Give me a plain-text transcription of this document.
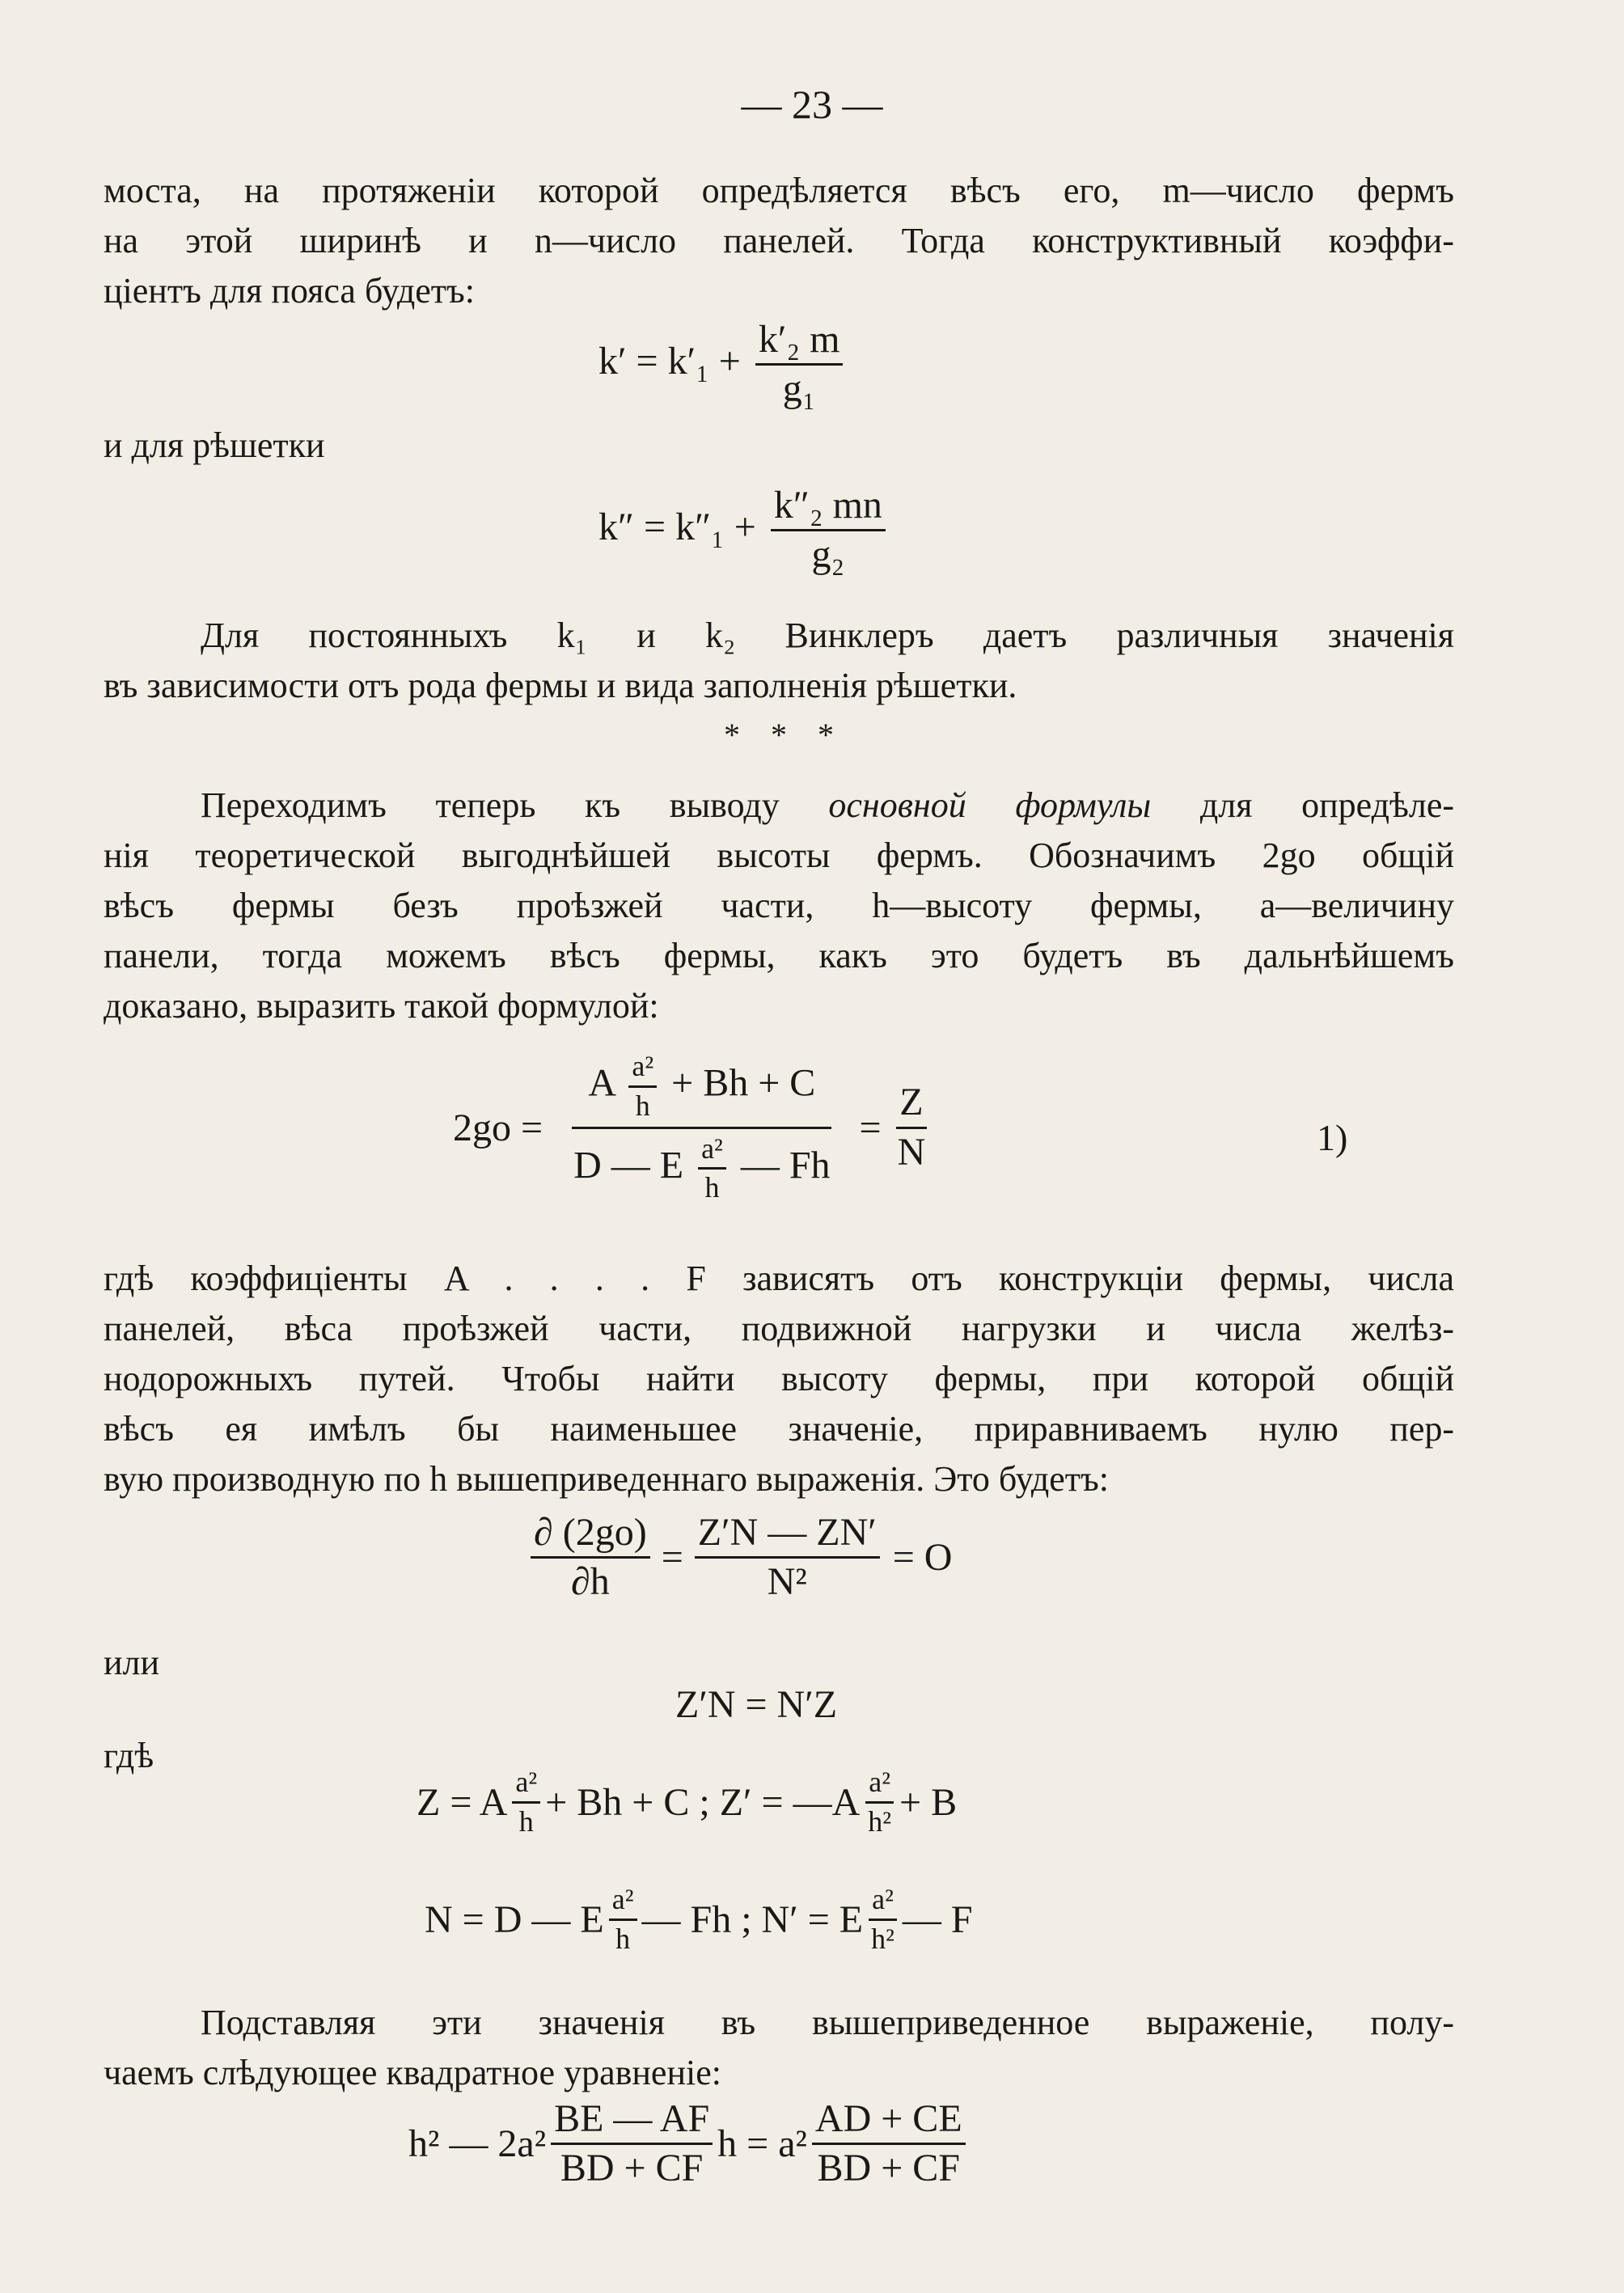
— 23 —
моста, на протяженіи которой опредѣляется вѣсъ его, m—число фермъ
на этой ширинѣ и n—число панелей. Тогда конструктивный коэффи-
ціентъ для пояса будетъ:
$k' = k'_1 + \frac{\text{k′₂ m}}{\text{g₁}}$
и для рѣшетки
$k'' = k''_1 + \frac{\text{k″₂ mn}}{\text{g₂}}$
Для постоянныхъ k₁ и k₂ Винклеръ даетъ различныя значенія
въ зависимости отъ рода фермы и вида заполненія рѣшетки.
* * *
Переходимъ теперь къ выводу основной формулы для опредѣле-
нія теоретической выгоднѣйшей высоты фермъ. Обозначимъ 2go общій
вѣсъ фермы безъ проѣзжей части, h—высоту фермы, a—величину
панели, тогда можемъ вѣсъ фермы, какъ это будетъ въ дальнѣйшемъ
доказано, выразить такой формулой:
2go =
A $\frac{\text{a²}}{h} + Bh + C$
D — E $\frac{\text{a²}}{h}$ — Fh
= $\frac{Z}{N}$	1)
гдѣ коэффиціенты A . . . . F зависятъ отъ конструкціи фермы, числа
панелей, вѣса проѣзжей части, подвижной нагрузки и числа желѣз-
нодорожныхъ путей. Чтобы найти высоту фермы, при которой общій
вѣсъ ея имѣлъ бы наименьшее значеніе, приравниваемъ нулю пер-
вую производную по h вышеприведеннаго выраженія. Это будетъ:
$\frac{\partial (2go)}{\partial h} = \frac{Z'N — ZN'}{\text{N²}} = O$
или
Z′N = N′Z
гдѣ
Z = A $\frac{\text{a²}}{h} + Bh + C$ ; Z′ = —A $\frac{\text{a²}}{\text{h²}} + B$
N = D — E $\frac{\text{a²}}{h}$ — Fh ; N′ = E $\frac{\text{a²}}{\text{h²}}$ — F
Подставляя эти значенія въ вышеприведенное выраженіе, полу-
чаемъ слѣдующее квадратное уравненіе:
h² — $2a^2 \frac{BE — AF}{BD + CF}$ $h = a^2 \frac{AD + CE}{BD + CF}$
